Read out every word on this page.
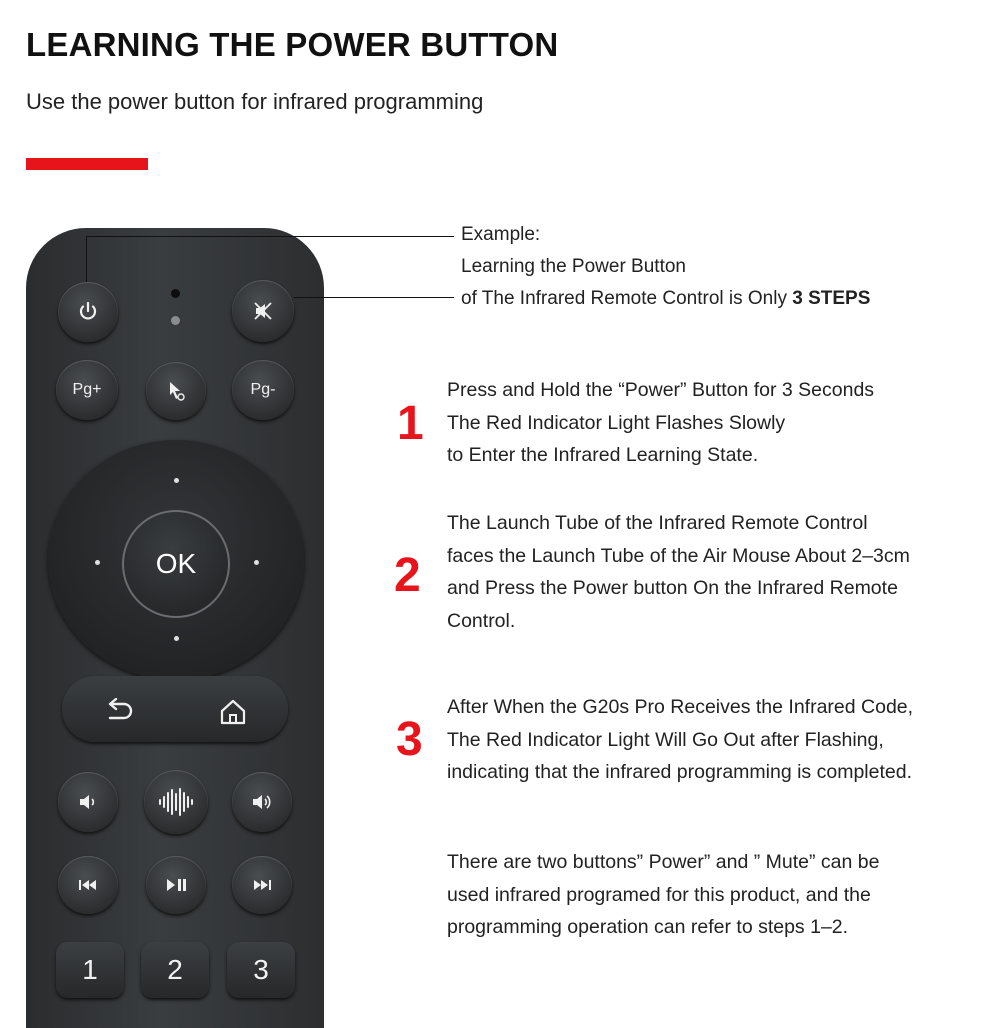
LEARNING THE POWER BUTTON
Use the power button for infrared programming
Pg+	Pg-
OK
1 2	3
Example:
Learning the Power Button
of The Infrared Remote Control is Only 3 STEPS
1
Press and Hold the “Power” Button for 3 Seconds
The Red Indicator Light Flashes Slowly
to Enter the Infrared Learning State.
2
The Launch Tube of the Infrared Remote Control
faces the Launch Tube of the Air Mouse About 2–3cm
and Press the Power button On the Infrared Remote
Control.
3
After When the G20s Pro Receives the Infrared Code,
The Red Indicator Light Will Go Out after Flashing,
indicating that the infrared programming is completed.
There are two buttons” Power” and ” Mute” can be
used infrared programed for this product, and the
programming operation can refer to steps 1–2.
